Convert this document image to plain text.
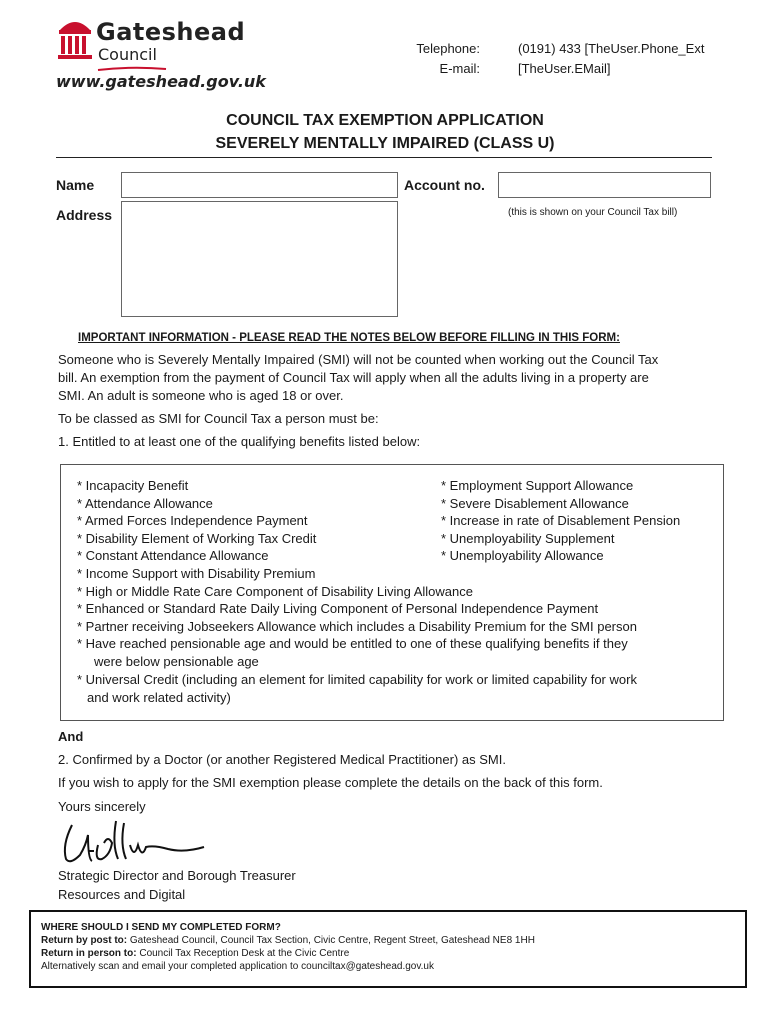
Gateshead
Council
www.gateshead.gov.uk
Telephone:	(0191) 433 [TheUser.Phone_Ext
E-mail:	[TheUser.EMail]
COUNCIL TAX EXEMPTION APPLICATION
SEVERELY MENTALLY IMPAIRED (CLASS U)
Name	Account no.
(this is shown on your Council Tax bill)
Address
IMPORTANT INFORMATION - PLEASE READ THE NOTES BELOW BEFORE FILLING IN THIS FORM:
Someone who is Severely Mentally Impaired (SMI) will not be counted when working out the Council Tax
bill. An exemption from the payment of Council Tax will apply when all the adults living in a property are
SMI. An adult is someone who is aged 18 or over.
To be classed as SMI for Council Tax a person must be:
1. Entitled to at least one of the qualifying benefits listed below:
* Incapacity Benefit
* Attendance Allowance
* Armed Forces Independence Payment
* Disability Element of Working Tax Credit
* Constant Attendance Allowance
* Income Support with Disability Premium
* High or Middle Rate Care Component of Disability Living Allowance
* Enhanced or Standard Rate Daily Living Component of Personal Independence Payment
* Partner receiving Jobseekers Allowance which includes a Disability Premium for the SMI person
* Have reached pensionable age and would be entitled to one of these qualifying benefits if they
were below pensionable age
* Universal Credit (including an element for limited capability for work or limited capability for work
and work related activity)
* Employment Support Allowance
* Severe Disablement Allowance
* Increase in rate of Disablement Pension
* Unemployability Supplement
* Unemployability Allowance
And
2. Confirmed by a Doctor (or another Registered Medical Practitioner) as SMI.
If you wish to apply for the SMI exemption please complete the details on the back of this form.
Yours sincerely
Strategic Director and Borough Treasurer
Resources and Digital
WHERE SHOULD I SEND MY COMPLETED FORM?
Return by post to: Gateshead Council, Council Tax Section, Civic Centre, Regent Street, Gateshead NE8 1HH
Return in person to: Council Tax Reception Desk at the Civic Centre
Alternatively scan and email your completed application to counciltax@gateshead.gov.uk
